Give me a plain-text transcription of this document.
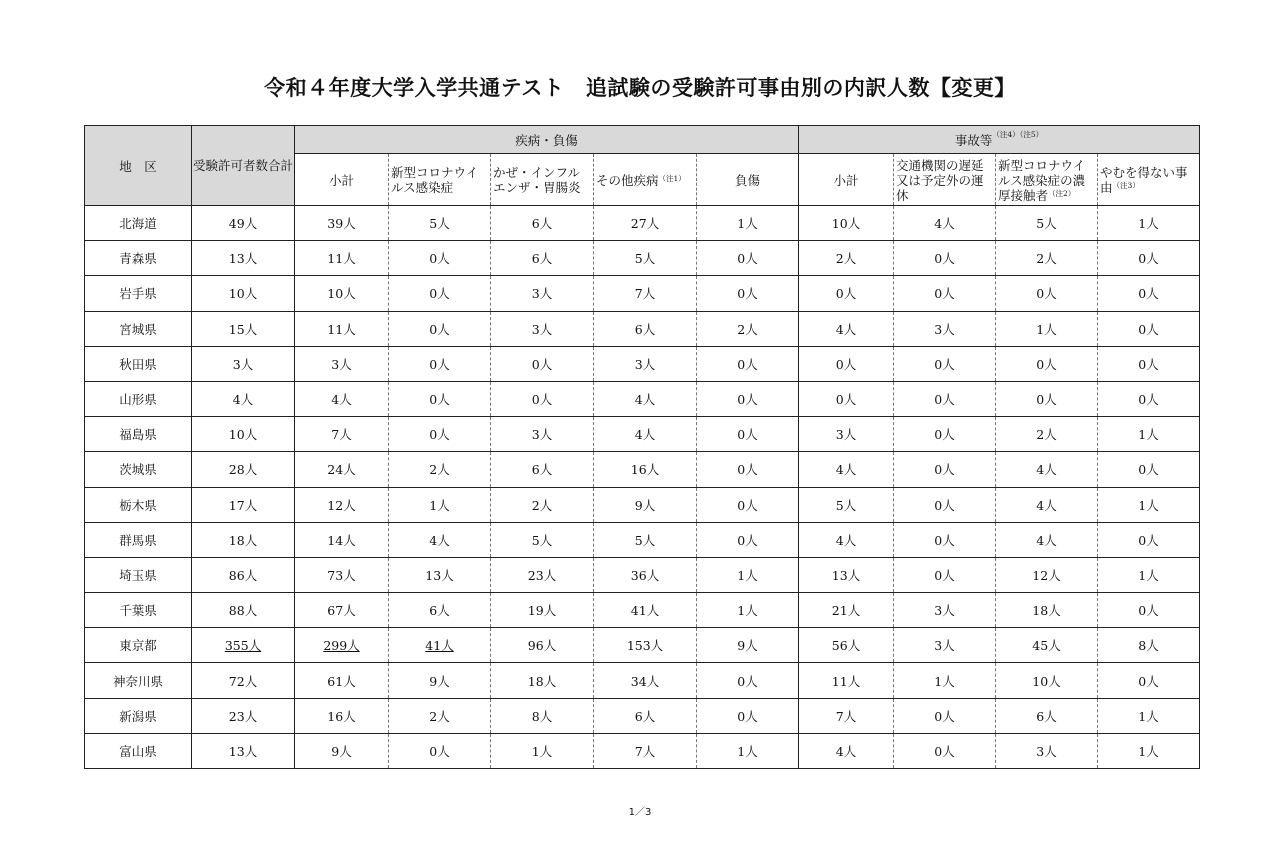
令和４年度大学入学共通テスト　追試験の受験許可事由別の内訳人数【変更】
地　区	受験許可者数合計	疾病・負傷					事故等$^{(注4)(注5)}$
		小計	新型コロナウイルス感染症	かぜ・インフルエンザ・胃腸炎	その他疾病$^{(注1)}$	負傷	小計	交通機関の遅延又は予定外の運休	新型コロナウイルス感染症の濃厚接触者$^{(注2)}$	やむを得ない事由$^{(注3)}$
北海道	49人	39人	5人	6人	27人	1人	10人	4人	5人	1人
青森県	13人	11人	0人	6人	5人	0人	2人	0人	2人	0人
岩手県	10人	10人	0人	3人	7人	0人	0人	0人	0人	0人
宮城県	15人	11人	0人	3人	6人	2人	4人	3人	1人	0人
秋田県	3人	3人	0人	0人	3人	0人	0人	0人	0人	0人
山形県	4人	4人	0人	0人	4人	0人	0人	0人	0人	0人
福島県	10人	7人	0人	3人	4人	0人	3人	0人	2人	1人
茨城県	28人	24人	2人	6人	16人	0人	4人	0人	4人	0人
栃木県	17人	12人	1人	2人	9人	0人	5人	0人	4人	1人
群馬県	18人	14人	4人	5人	5人	0人	4人	0人	4人	0人
埼玉県	86人	73人	13人	23人	36人	1人	13人	0人	12人	1人
千葉県	88人	67人	6人	19人	41人	1人	21人	3人	18人	0人
東京都	355人	299人	41人	96人	153人	9人	56人	3人	45人	8人
神奈川県	72人	61人	9人	18人	34人	0人	11人	1人	10人	0人
新潟県	23人	16人	2人	8人	6人	0人	7人	0人	6人	1人
富山県	13人	9人	0人	1人	7人	1人	4人	0人	3人	1人
1／3
